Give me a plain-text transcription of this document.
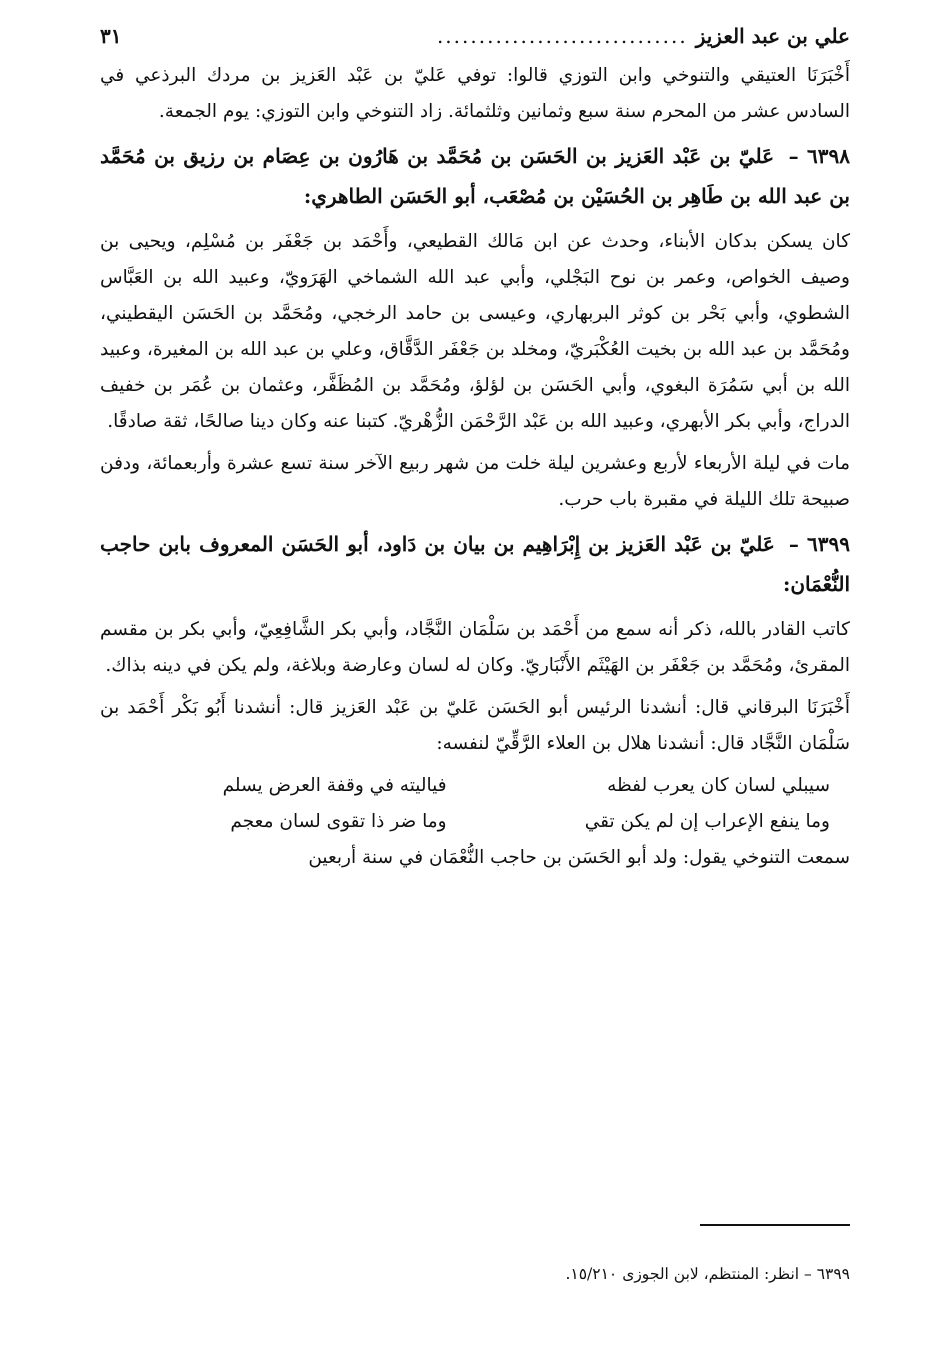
علي بن عبد العزيز
..............................
٣١

أَخْبَرَنَا العتيقي والتنوخي وابن التوزي قالوا: توفي عَليّ بن عَبْد العَزيز بن مردك البرذعي في السادس عشر من المحرم سنة سبع وثمانين وثلثمائة. زاد التنوخي وابن التوزي: يوم الجمعة.

٦٣٩٨ – عَليّ بن عَبْد العَزيز بن الحَسَن بن مُحَمَّد بن هَارُون بن عِصَام بن رزيق بن مُحَمَّد بن عبد الله بن طَاهِر بن الحُسَيْن بن مُصْعَب، أبو الحَسَن الطاهري:

كان يسكن بدكان الأبناء، وحدث عن ابن مَالك القطيعي، وأَحْمَد بن جَعْفَر بن مُسْلِم، ويحيى بن وصيف الخواص، وعمر بن نوح البَجْلي، وأبي عبد الله الشماخي الهَرَويّ، وعبيد الله بن العَبَّاس الشطوي، وأبي بَحْر بن كوثر البربهاري، وعيسى بن حامد الرخجي، ومُحَمَّد بن الحَسَن اليقطيني، ومُحَمَّد بن عبد الله بن بخيت العُكْبَريّ، ومخلد بن جَعْفَر الدَّقَّاق، وعلي بن عبد الله بن المغيرة، وعبيد الله بن أبي سَمُرَة البغوي، وأبي الحَسَن بن لؤلؤ، ومُحَمَّد بن المُظَفَّر، وعثمان بن عُمَر بن خفيف الدراج، وأبي بكر الأبهري، وعبيد الله بن عَبْد الرَّحْمَن الزُّهْريّ. كتبنا عنه وكان دينا صالحًا، ثقة صادقًا.

مات في ليلة الأربعاء لأربع وعشرين ليلة خلت من شهر ربيع الآخر سنة تسع عشرة وأربعمائة، ودفن صبيحة تلك الليلة في مقبرة باب حرب.

٦٣٩٩ – عَليّ بن عَبْد العَزيز بن إِبْرَاهِيم بن بيان بن دَاود، أبو الحَسَن المعروف بابن حاجب النُّعْمَان:

كاتب القادر بالله، ذكر أنه سمع من أَحْمَد بن سَلْمَان النَّجَّاد، وأبي بكر الشَّافِعِيّ، وأبي بكر بن مقسم المقرئ، ومُحَمَّد بن جَعْفَر بن الهَيْثَم الأَنْبَاريّ. وكان له لسان وعارضة وبلاغة، ولم يكن في دينه بذاك.

أَخْبَرَنَا البرقاني قال: أنشدنا الرئيس أبو الحَسَن عَليّ بن عَبْد العَزيز قال: أنشدنا أَبُو بَكْر أَحْمَد بن سَلْمَان النَّجَّاد قال: أنشدنا هلال بن العلاء الرَّقِّيّ لنفسه:

سيبلي لسان كان يعرب لفظه
فياليته في وقفة العرض يسلم
وما ينفع الإعراب إن لم يكن تقي
وما ضر ذا تقوى لسان معجم

سمعت التنوخي يقول: ولد أبو الحَسَن بن حاجب النُّعْمَان في سنة أربعين

٦٣٩٩ – انظر: المنتظم، لابن الجوزى ١٥/٢١٠.
